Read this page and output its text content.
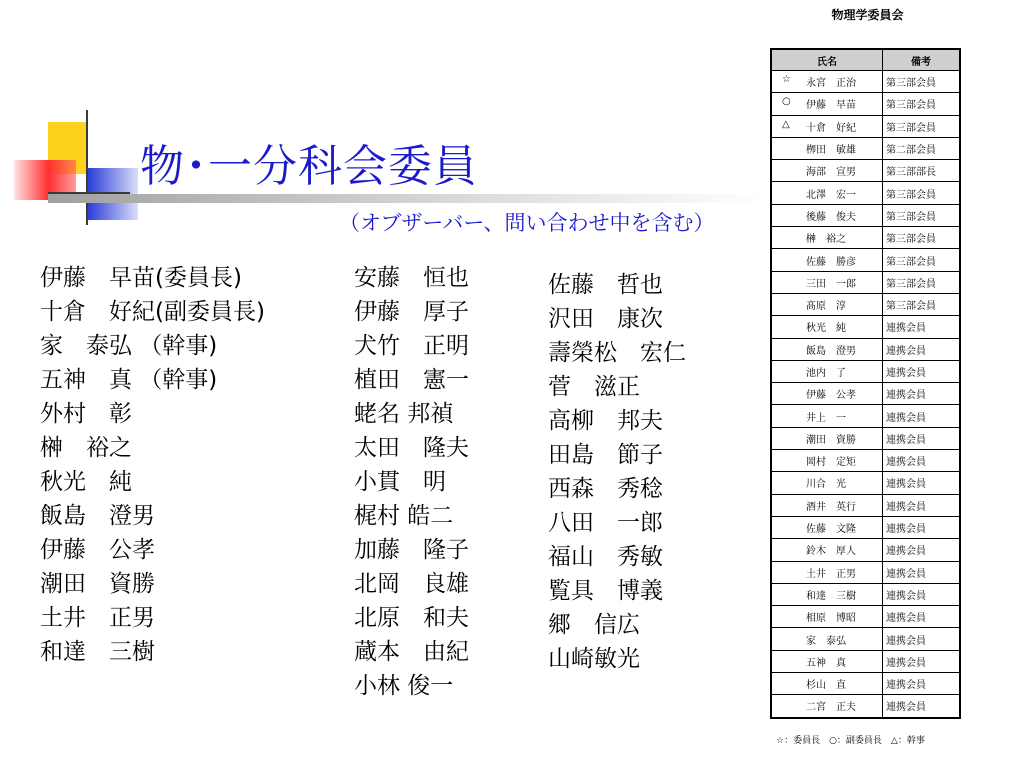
物･一分科会委員
（オブザーバー、問い合わせ中を含む）
伊藤　早苗(委員長)
十倉　好紀(副委員長)
家　泰弘 （幹事)
五神　真 （幹事)
外村　彰
榊　裕之
秋光　純
飯島　澄男
伊藤　公孝
潮田　資勝
土井　正男
和達　三樹
安藤　恒也
伊藤　厚子
犬竹　正明
植田　憲一
蛯名 邦禎
太田　隆夫
小貫　明
梶村 皓二
加藤　隆子
北岡　良雄
北原　和夫
蔵本　由紀
小林 俊一
佐藤　哲也
沢田　康次
壽榮松　宏仁
菅　滋正
高柳　邦夫
田島　節子
西森　秀稔
八田　一郎
福山　秀敏
覧具　博義
郷　信広
山崎敏光
物理学委員会
氏名	備考

☆ 永宮　正治	第三部会員

○ 伊藤　早苗	第三部会員

△ 十倉　好紀	第三部会員

栁田　敏雄	第二部会員

海部　宣男	第三部部長

北澤　宏一	第三部会員

後藤　俊夫	第三部会員

榊　裕之	第三部会員

佐藤　勝彦	第三部会員

三田　一郎	第三部会員

髙原　淳	第三部会員

秋光　純	連携会員

飯島　澄男	連携会員

池内　了	連携会員

伊藤　公孝	連携会員

井上　一	連携会員

潮田　資勝	連携会員

岡村　定矩	連携会員

川合　光	連携会員

酒井　英行	連携会員

佐藤　文隆	連携会員

鈴木　厚人	連携会員

土井　正男	連携会員

和達　三樹	連携会員

相原　博昭	連携会員

家　泰弘	連携会員

五神　真	連携会員

杉山　直	連携会員

二宮　正夫	連携会員
☆：委員長　○：副委員長　△：幹事
